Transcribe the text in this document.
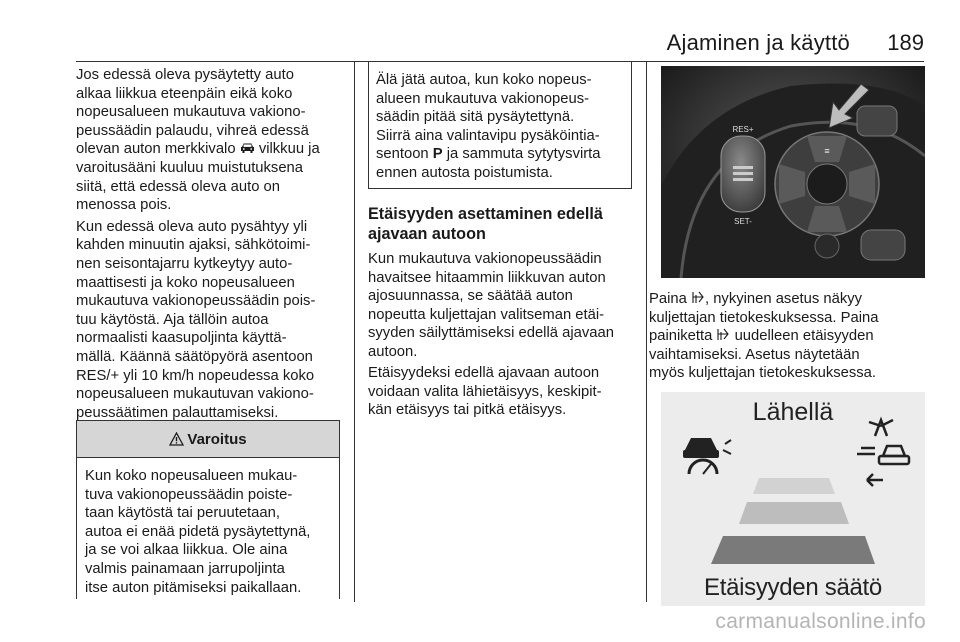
Ajaminen ja käyttö 189

Jos edessä oleva pysäytetty auto
alkaa liikkua eteenpäin eikä koko
nopeusalueen mukautuva vakiono-
peussäädin palaudu, vihreä edessä
olevan auton merkkivalo  vilkkuu ja
varoitusääni kuuluu muistutuksena
siitä, että edessä oleva auto on
menossa pois.

Kun edessä oleva auto pysähtyy yli
kahden minuutin ajaksi, sähkötoimi-
nen seisontajarru kytkeytyy auto-
maattisesti ja koko nopeusalueen
mukautuva vakionopeussäädin pois-
tuu käytöstä. Aja tällöin autoa
normaalisti kaasupoljinta käyttä-
mällä. Käännä säätöpyörä asentoon
RES/+ yli 10 km/h nopeudessa koko
nopeusalueen mukautuvan vakiono-
peussäätimen palauttamiseksi.

Varoitus
Kun koko nopeusalueen mukau-
tuva vakionopeussäädin poiste-
taan käytöstä tai peruutetaan,
autoa ei enää pidetä pysäytettynä,
ja se voi alkaa liikkua. Ole aina
valmis painamaan jarrupoljinta
itse auton pitämiseksi paikallaan.
Älä jätä autoa, kun koko nopeus-
alueen mukautuva vakionopeus-
säädin pitää sitä pysäytettynä.
Siirrä aina valintavipu pysäköintia-
sentoon P ja sammuta sytytysvirta
ennen autosta poistumista.
Etäisyyden asettaminen edellä
ajavaan autoon
Kun mukautuva vakionopeussäädin
havaitsee hitaammin liikkuvan auton
ajosuunnassa, se säätää auton
nopeutta kuljettajan valitseman etäi-
syyden säilyttämiseksi edellä ajavaan
autoon.
Etäisyydeksi edellä ajavaan autoon
voidaan valita lähietäisyys, keskipit-
kän etäisyys tai pitkä etäisyys.
RES+
SET-
≡
Paina , nykyinen asetus näkyy
kuljettajan tietokeskuksessa. Paina
painiketta  uudelleen etäisyyden
vaihtamiseksi. Asetus näytetään
myös kuljettajan tietokeskuksessa.
Lähellä
Etäisyyden säätö
carmanualsonline.info
